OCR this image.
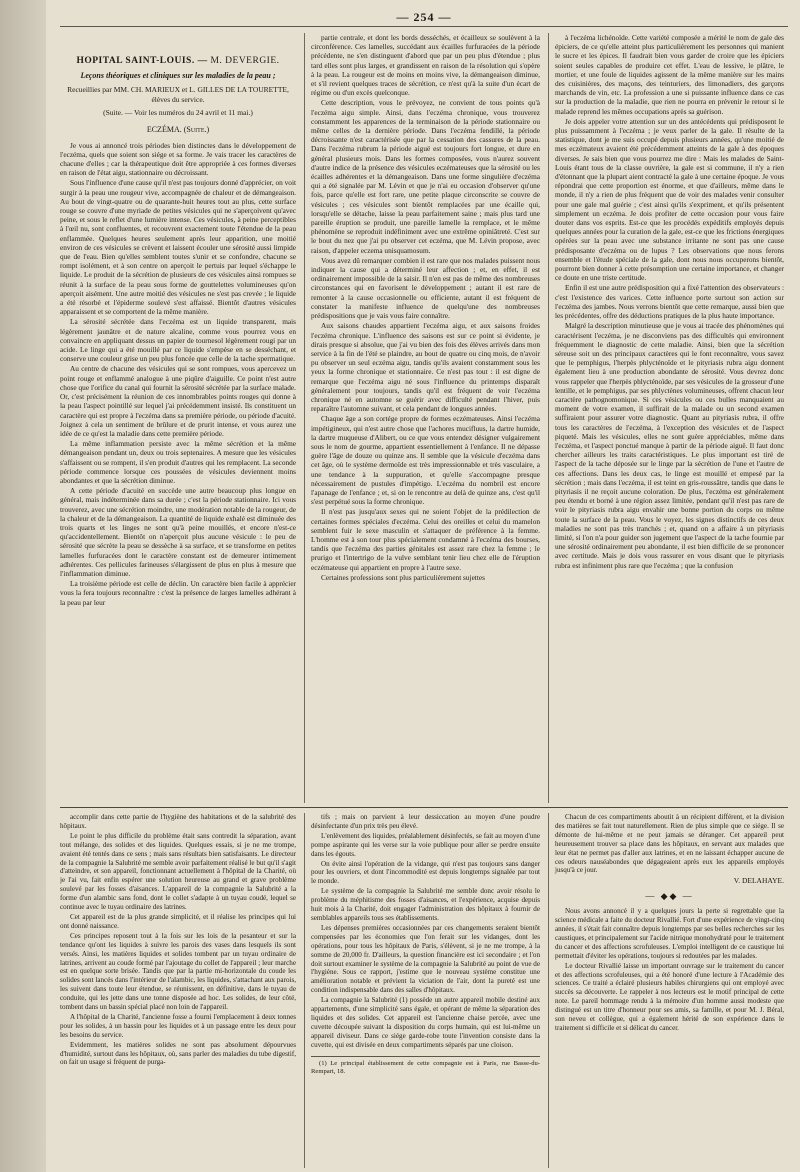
— 254 —
HOPITAL SAINT-LOUIS. — M. DEVERGIE.
Leçons théoriques et cliniques sur les maladies de la peau ;
Recueillies par MM. CH. MARIEUX et L. GILLES DE LA TOURETTE, élèves du service.
(Suite. — Voir les numéros du 24 avril et 11 mai.)
ECZÉMA. (Suite.)

Je vous ai annoncé trois périodes bien distinctes dans le développement de l'eczéma, quels que soient son siége et sa forme. Je vais tracer les caractères de chacune d'elles ; car la thérapeutique doit être appropriée à ces formes diverses en raison de l'état aigu, stationnaire ou décroissant.

Sous l'influence d'une cause qu'il n'est pas toujours donné d'apprécier, on voit surgir à la peau une rougeur vive, accompagnée de chaleur et de démangeaison. Au bout de vingt-quatre ou de quarante-huit heures tout au plus, cette surface rouge se couvre d'une myriade de petites vésicules qui ne s'aperçoivent qu'avec peine, et sous le reflet d'une lumière intense. Ces vésicules, à peine perceptibles à l'œil nu, sont confluentes, et recouvrent exactement toute l'étendue de la peau enflammée. Quelques heures seulement après leur apparition, une moitié environ de ces vésicules se crèvent et laissent écouler une sérosité aussi limpide que de l'eau. Bien qu'elles semblent toutes s'unir et se confondre, chacune se rompt isolément, et à son centre on aperçoit le pertuis par lequel s'échappe le liquide. Le produit de la sécrétion de plusieurs de ces vésicules ainsi rompues se réunit à la surface de la peau sous forme de gouttelettes volumineuses qu'on aperçoit aisément. Une autre moitié des vésicules ne s'est pas crevée ; le liquide a été résorbé et l'épiderme soulevé s'est affaissé. Bientôt d'autres vésicules apparaissent et se comportent de la même manière.

La sérosité sécrétée dans l'eczéma est un liquide transparent, mais légèrement jaunâtre et de nature alcaline, comme vous pourrez vous en convaincre en appliquant dessus un papier de tournesol légèrement rougi par un acide. Le linge qui a été mouillé par ce liquide s'empèse en se desséchant, et conserve une couleur grise un peu plus foncée que celle de la tache spermatique.

Au centre de chacune des vésicules qui se sont rompues, vous apercevez un point rouge et enflammé analogue à une piqûre d'aiguille. Ce point n'est autre chose que l'orifice du canal qui fournit la sérosité sécrétée par la surface malade. Or, c'est précisément la réunion de ces innombrables points rouges qui donne à la peau l'aspect pointillé sur lequel j'ai précédemment insisté. Ils constituent un caractère qui est propre à l'eczéma dans sa première période, ou période d'acuité. Joignez à cela un sentiment de brûlure et de prurit intense, et vous aurez une idée de ce qu'est la maladie dans cette première période.

La même inflammation persiste avec la même sécrétion et la même démangeaison pendant un, deux ou trois septenaires. A mesure que les vésicules s'affaissent ou se rompent, il s'en produit d'autres qui les remplacent. La seconde période commence lorsque ces poussées de vésicules deviennent moins abondantes et que la sécrétion diminue.

A cette période d'acuité en succède une autre beaucoup plus longue en général, mais indéterminée dans sa durée ; c'est la période stationnaire. Ici vous trouverez, avec une sécrétion moindre, une modération notable de la rougeur, de la chaleur et de la démangeaison. La quantité de liquide exhalé est diminuée des trois quarts et les linges ne sont qu'à peine mouillés, et encore n'est-ce qu'accidentellement. Bientôt on n'aperçoit plus aucune vésicule : le peu de sérosité que sécrète la peau se dessèche à sa surface, et se transforme en petites lamelles furfuracées dont le caractère constant est de demeurer intimement adhérentes. Ces pellicules farineuses s'élargissent de plus en plus à mesure que l'inflammation diminue.

La troisième période est celle de déclin. Un caractère bien facile à apprécier vous la fera toujours reconnaître : c'est la présence de larges lamelles adhérant à la peau par leur

partie centrale, et dont les bords desséchés, et écailleux se soulèvent à la circonférence. Ces lamelles, succédant aux écailles furfuracées de la période précédente, ne s'en distinguent d'abord que par un peu plus d'étendue ; plus tard elles sont plus larges, et grandissent en raison de la résolution qui s'opère à la peau. La rougeur est de moins en moins vive, la démangeaison diminue, et s'il revient quelques traces de sécrétion, ce n'est qu'à la suite d'un écart de régime ou d'un excès quelconque.

Cette description, vous le prévoyez, ne convient de tous points qu'à l'eczéma aigu simple. Ainsi, dans l'eczéma chronique, vous trouverez constamment les apparences de la terminaison de la période stationnaire ou même celles de la dernière période. Dans l'eczéma fendillé, la période décroissante n'est caractérisée que par la cessation des cassures de la peau. Dans l'eczéma rubrum la période aiguë est toujours fort longue, et dure en général plusieurs mois. Dans les formes composées, vous n'aurez souvent d'autre indice de la présence des vésicules eczémateuses que la sérosité ou les écailles adhérentes et la démangeaison. Dans une forme singulière d'eczéma qui a été signalée par M. Lévin et que je n'ai eu occasion d'observer qu'une fois, parce qu'elle est fort rare, une petite plaque circonscrite se couvre de vésicules ; ces vésicules sont bientôt remplacées par une écaille qui, lorsqu'elle se détache, laisse la peau parfaitement saine ; mais plus tard une pareille éruption se produit, une pareille lamelle la remplace, et le même phénomène se reproduit indéfiniment avec une extrême opiniâtreté. C'est sur le bout du nez que j'ai pu observer cet eczéma, que M. Lévin propose, avec raison, d'appeler eczema unisquamosum.

Vous avez dû remarquer combien il est rare que nos malades puissent nous indiquer la cause qui a déterminé leur affection ; et, en effet, il est ordinairement impossible de la saisir. Il n'en est pas de même des nombreuses circonstances qui en favorisent le développement ; autant il est rare de remonter à la cause occasionnelle ou efficiente, autant il est fréquent de constater la manifeste influence de quelqu'une des nombreuses prédispositions que je vais vous faire connaître.

Aux saisons chaudes appartient l'eczéma aigu, et aux saisons froides l'eczéma chronique. L'influence des saisons est sur ce point si évidente, je dirais presque si absolue, que j'ai vu bien des fois des élèves arrivés dans mon service à la fin de l'été se plaindre, au bout de quatre ou cinq mois, de n'avoir pu observer un seul eczéma aigu, tandis qu'ils avaient constamment sous les yeux la forme chronique et stationnaire. Ce n'est pas tout : il est digne de remarque que l'eczéma aigu né sous l'influence du printemps disparaît généralement pour toujours, tandis qu'il est fréquent de voir l'eczéma chronique né en automne se guérir avec difficulté pendant l'hiver, puis reparaître l'automne suivant, et cela pendant de longues années.

Chaque âge a son cortége propre de formes eczémateuses. Ainsi l'eczéma impétigineux, qui n'est autre chose que l'achores mucifluus, la dartre humide, la dartre muqueuse d'Alibert, ou ce que vous entendez désigner vulgairement sous le nom de gourme, appartient essentiellement à l'enfance. Il ne dépasse guère l'âge de douze ou quinze ans. Il semble que la vésicule d'eczéma dans cet âge, où le système dermoïde est très impressionnable et très vasculaire, a une tendance à la suppuration, et qu'elle s'accompagne presque nécessairement de pustules d'impétigo. L'eczéma du nombril est encore l'apanage de l'enfance ; et, si on le rencontre au delà de quinze ans, c'est qu'il s'est perpétué sous la forme chronique.

Il n'est pas jusqu'aux sexes qui ne soient l'objet de la prédilection de certaines formes spéciales d'eczéma. Celui des oreilles et celui du mamelon semblent fuir le sexe masculin et s'attaquer de préférence à la femme. L'homme est à son tour plus spécialement condamné à l'eczéma des bourses, tandis que l'eczéma des parties génitales est assez rare chez la femme ; le prurigo et l'intertrigo de la vulve semblant tenir lieu chez elle de l'éruption eczémateuse qui appartient en propre à l'autre sexe.

Certaines professions sont plus particulièrement sujettes

à l'eczéma lichénoïde. Cette variété composée a mérité le nom de gale des épiciers, de ce qu'elle atteint plus particulièrement les personnes qui manient le sucre et les épices. Il faudrait bien vous garder de croire que les épiciers soient seules capables de produire cet effet. L'eau de lessive, le plâtre, le mortier, et une foule de liquides agissent de la même manière sur les mains des cuisinières, des maçons, des teinturiers, des limonadiers, des garçons marchands de vin, etc. La profession a une si puissante influence dans ce cas sur la production de la maladie, que rien ne pourra en prévenir le retour si le malade reprend les mêmes occupations après sa guérison.

Je dois appeler votre attention sur un des antécédents qui prédisposent le plus puissamment à l'eczéma ; je veux parler de la gale. Il résulte de la statistique, dont je me suis occupé depuis plusieurs années, qu'une moitié de mes eczémateux avaient été précédemment atteints de la gale à des époques diverses. Je sais bien que vous pourrez me dire : Mais les malades de Saint-Louis étant tous de la classe ouvrière, la gale est si commune, il n'y a rien d'étonnant que la plupart aient contracté la gale à une certaine époque. Je vous répondrai que cette proportion est énorme, et que d'ailleurs, même dans le monde, il n'y a rien de plus fréquent que de voir des malades venir consulter pour une gale mal guérie ; c'est ainsi qu'ils s'expriment, et qu'ils présentent simplement un eczéma. Je dois profiter de cette occasion pour vous faire douter dans vos esprits. Est-ce que les procédés expéditifs employés depuis quelques années pour la curation de la gale, est-ce que les frictions énergiques opérées sur la peau avec une substance irritante ne sont pas une cause prédisposante d'eczéma ou de lupus ? Les observations que nous ferons ensemble et l'étude spéciale de la gale, dont nous nous occuperons bientôt, pourront bien donner à cette présomption une certaine importance, et changer ce doute en une triste certitude.

Enfin il est une autre prédisposition qui a fixé l'attention des observateurs : c'est l'existence des varices. Cette influence porte surtout son action sur l'eczéma des jambes. Nous verrons bientôt que cette remarque, aussi bien que les précédentes, offre des déductions pratiques de la plus haute importance.

Malgré la description minutieuse que je vous ai tracée des phénomènes qui caractérisent l'eczéma, je ne disconviens pas des difficultés qui environnent fréquemment le diagnostic de cette maladie. Ainsi, bien que la sécrétion séreuse soit un des principaux caractères qui le font reconnaître, vous savez que le pemphigus, l'herpès phlycténoïde et le pityriasis rubra aigu donnent également lieu à une production abondante de sérosité. Vous devrez donc vous rappeler que l'herpès phlycténoïde, par ses vésicules de la grosseur d'une lentille, et le pemphigus, par ses phlyctènes volumineuses, offrent chacun leur caractère pathognomonique. Si ces vésicules ou ces bulles manquaient au moment de votre examen, il suffirait de la malade ou un second examen suffiraient pour assurer votre diagnostic. Quant au pityriasis rubra, il offre tous les caractères de l'eczéma, à l'exception des vésicules et de l'aspect piqueté. Mais les vésicules, elles ne sont guère appréciables, même dans l'eczéma, et l'aspect ponctué manque à partir de la période aiguë. Il faut donc chercher ailleurs les traits caractéristiques. Le plus important est tiré de l'aspect de la tache déposée sur le linge par la sécrétion de l'une et l'autre de ces affections. Dans les deux cas, le linge est mouillé et empesé par la sécrétion ; mais dans l'eczéma, il est teint en gris-roussâtre, tandis que dans le pityriasis il ne reçoit aucune coloration. De plus, l'eczéma est généralement peu étendu et borné à une région assez limitée, pendant qu'il n'est pas rare de voir le pityriasis rubra aigu envahir une bonne portion du corps ou même toute la surface de la peau. Vous le voyez, les signes distinctifs de ces deux maladies ne sont pas très tranchés ; et, quand on a affaire à un pityriasis limité, si l'on n'a pour guider son jugement que l'aspect de la tache fournie par une sérosité ordinairement peu abondante, il est bien difficile de se prononcer avec certitude. Mais je dois vous rassurer en vous disant que le pityriasis rubra est infiniment plus rare que l'eczéma ; que la confusion

accomplir dans cette partie de l'hygiène des habitations et de la salubrité des hôpitaux.

Le point le plus difficile du problème était sans contredit la séparation, avant tout mélange, des solides et des liquides. Quelques essais, si je ne me trompe, avaient été tentés dans ce sens ; mais sans résultats bien satisfaisants. Le directeur de la compagnie la Salubrité me semble avoir parfaitement réalisé le but qu'il s'agit d'atteindre, et son appareil, fonctionnant actuellement à l'hôpital de la Charité, où je l'ai vu, fait enfin espérer une solution heureuse au grand et grave problème soulevé par les fosses d'aisances. L'appareil de la compagnie la Salubrité a la forme d'un alambic sans fond, dont le collet s'adapte à un tuyau coudé, lequel se continue avec le tuyau ordinaire des latrines.

Cet appareil est de la plus grande simplicité, et il réalise les principes qui lui ont donné naissance.

Ces principes reposent tout à la fois sur les lois de la pesanteur et sur la tendance qu'ont les liquides à suivre les parois des vases dans lesquels ils sont versés. Ainsi, les matières liquides et solides tombent par un tuyau ordinaire de latrines, arrivent au coude formé par l'ajoutage du collet de l'appareil ; leur marche est en quelque sorte brisée. Tandis que par la partie mi-horizontale du coude les solides sont lancés dans l'intérieur de l'alambic, les liquides, s'attachant aux parois, les suivent dans toute leur étendue, se réunissent, en définitive, dans le tuyau de conduite, qui les jette dans une tonne disposée ad hoc. Les solides, de leur côté, tombent dans un bassin spécial placé non loin de l'appareil.

A l'hôpital de la Charité, l'ancienne fosse a fourni l'emplacement à deux tonnes pour les solides, à un bassin pour les liquides et à un passage entre les deux pour les besoins du service.

Evidemment, les matières solides ne sont pas absolument dépourvues d'humidité, surtout dans les hôpitaux, où, sans parler des maladies du tube digestif, on fait un usage si fréquent de purga-

tifs ; mais on parvient à leur dessiccation au moyen d'une poudre désinfectante d'un prix très peu élevé.

L'enlèvement des liquides, préalablement désinfectés, se fait au moyen d'une pompe aspirante qui les verse sur la voie publique pour aller se perdre ensuite dans les égouts.

On évite ainsi l'opération de la vidange, qui n'est pas toujours sans danger pour les ouvriers, et dont l'incommodité est depuis longtemps signalée par tout le monde.

Le système de la compagnie la Salubrité me semble donc avoir résolu le problème du méphitisme des fosses d'aisances, et l'expérience, acquise depuis huit mois à la Charité, doit engager l'administration des hôpitaux à fournir de semblables appareils tous ses établissements.

Les dépenses premières occasionnées par ces changements seraient bientôt compensées par les économies que l'on ferait sur les vidanges, dont les opérations, pour tous les hôpitaux de Paris, s'élèvent, si je ne me trompe, à la somme de 20,000 fr. D'ailleurs, la question financière est ici secondaire ; et l'on doit surtout examiner le système de la compagnie la Salubrité au point de vue de l'hygiène. Sous ce rapport, j'estime que le nouveau système constitue une amélioration notable et prévient la viciation de l'air, dont la pureté est une condition indispensable dans des salles d'hôpitaux.

La compagnie la Salubrité (1) possède un autre appareil mobile destiné aux appartements, d'une simplicité sans égale, et opérant de même la séparation des liquides et des solides. Cet appareil est l'ancienne chaise percée, avec une cuvette découpée suivant la disposition du corps humain, qui est lui-même un appareil diviseur. Dans ce siége garde-robe toute l'invention consiste dans la cuvette, qui est divisée en deux compartiments séparés par une cloison.

(1) Le principal établissement de cette compagnie est à Paris, rue Basse-du-Rempart, 18.

Chacun de ces compartiments aboutit à un récipient différent, et la division des matières se fait tout naturellement. Rien de plus simple que ce siége. Il se démonte de lui-même et ne peut jamais se déranger. Cet appareil peut heureusement trouver sa place dans les hôpitaux, en servant aux malades que leur état ne permet pas d'aller aux latrines, et en ne laissant échapper aucune de ces odeurs nauséabondes que dégageaient après eux les appareils employés jusqu'à ce jour.

V. DELAHAYE.
— ◆◆ —

Nous avons annoncé il y a quelques jours la perte si regrettable que la science médicale a faite du docteur Rivallié. Fort d'une expérience de vingt-cinq années, il s'était fait connaître depuis longtemps par ses belles recherches sur les caustiques, et principalement sur l'acide nitrique monohydraté pour le traitement du cancer et des affections scrofuleuses. L'emploi intelligent de ce caustique lui permettait d'éviter les opérations, toujours si redoutées par les malades.

Le docteur Rivallié laisse un important ouvrage sur le traitement du cancer et des affections scrofuleuses, qui a été honoré d'une lecture à l'Académie des sciences. Ce traité a éclairé plusieurs habiles chirurgiens qui ont employé avec succès sa découverte. Le rappeler à nos lecteurs est le motif principal de cette note. Le pareil hommage rendu à la mémoire d'un homme aussi modeste que distingué est un titre d'honneur pour ses amis, sa famille, et pour M. J. Béral, son neveu et collègue, qui a également hérité de son expérience dans le traitement si difficile et si délicat du cancer.
